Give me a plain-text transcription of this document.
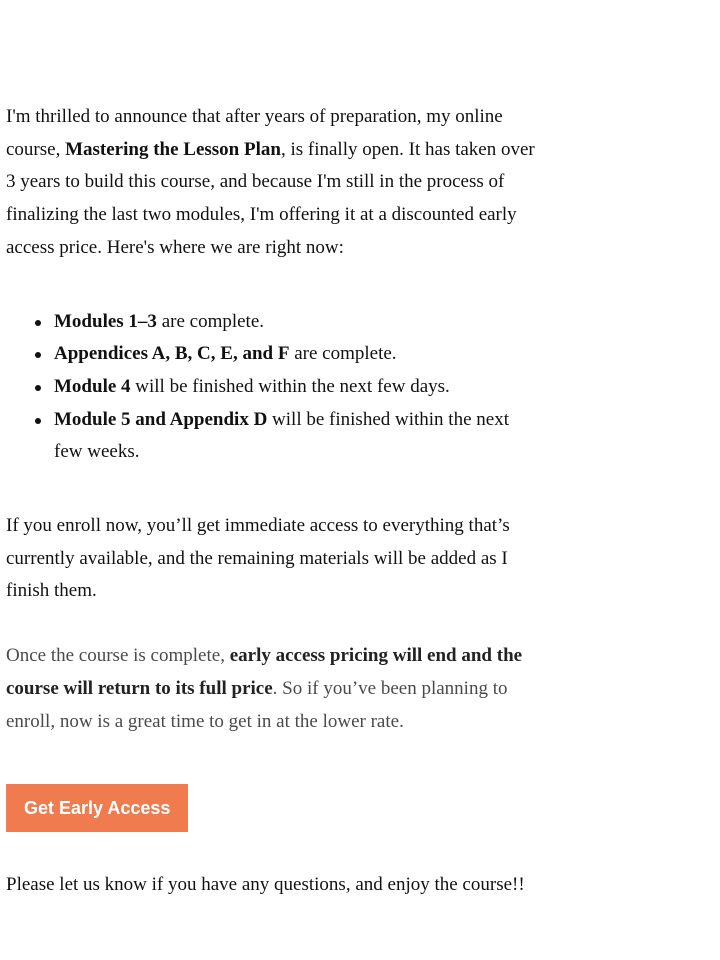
I'm thrilled to announce that after years of preparation, my online course, Mastering the Lesson Plan, is finally open. It has taken over 3 years to build this course, and because I'm still in the process of finalizing the last two modules, I'm offering it at a discounted early access price. Here's where we are right now:

Modules 1–3 are complete.
Appendices A, B, C, E, and F are complete.
Module 4 will be finished within the next few days.
Module 5 and Appendix D will be finished within the next few weeks.

If you enroll now, you’ll get immediate access to everything that’s currently available, and the remaining materials will be added as I finish them.

Once the course is complete, early access pricing will end and the course will return to its full price. So if you’ve been planning to enroll, now is a great time to get in at the lower rate.

Get Early Access

Please let us know if you have any questions, and enjoy the course!!
